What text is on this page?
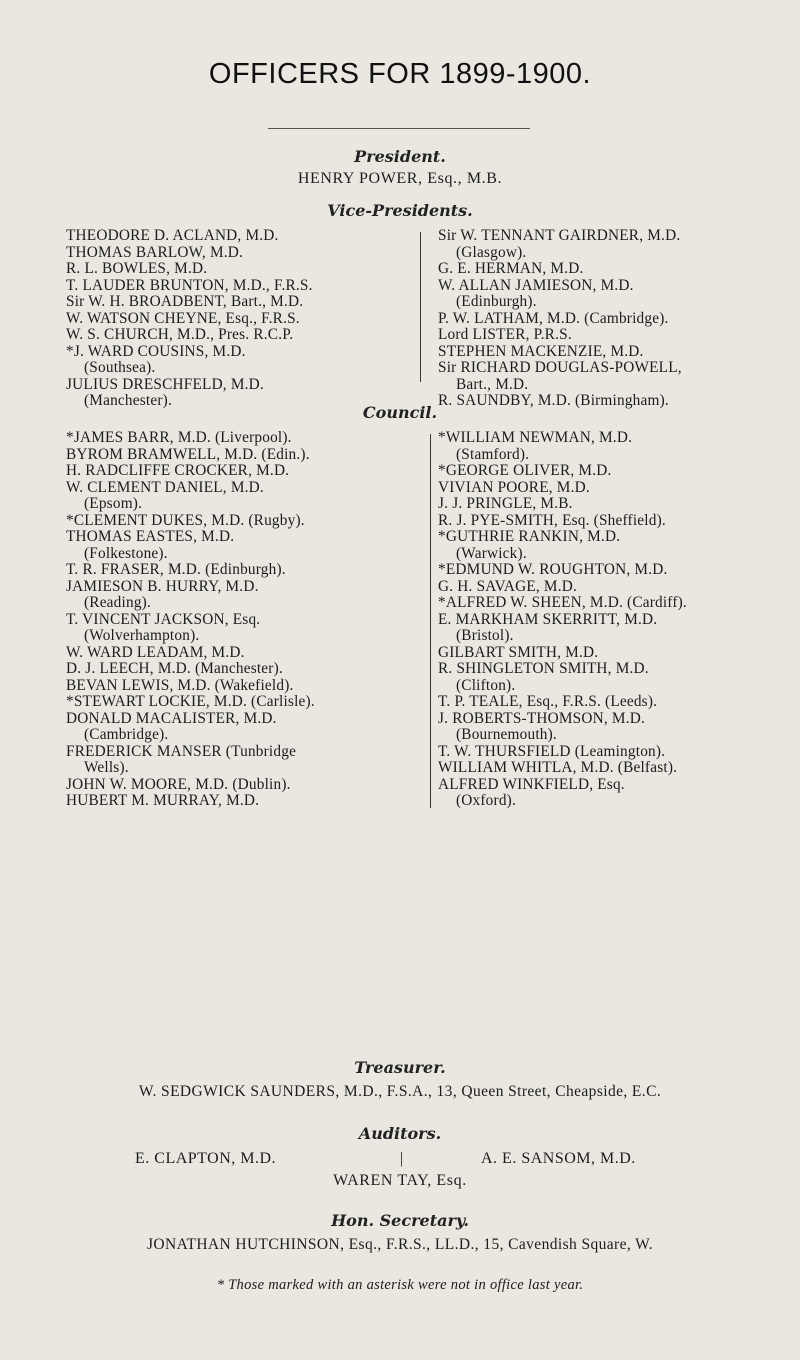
OFFICERS FOR 1899-1900.
President.
HENRY POWER, Esq., M.B.
Vice-Presidents.
THEODORE D. ACLAND, M.D.
THOMAS BARLOW, M.D.
R. L. BOWLES, M.D.
T. LAUDER BRUNTON, M.D., F.R.S.
Sir W. H. BROADBENT, Bart., M.D.
W. WATSON CHEYNE, Esq., F.R.S.
W. S. CHURCH, M.D., Pres. R.C.P.
*J. WARD COUSINS, M.D.
(Southsea).
JULIUS DRESCHFELD, M.D.
(Manchester).
Sir W. TENNANT GAIRDNER, M.D.
(Glasgow).
G. E. HERMAN, M.D.
W. ALLAN JAMIESON, M.D.
(Edinburgh).
P. W. LATHAM, M.D. (Cambridge).
Lord LISTER, P.R.S.
STEPHEN MACKENZIE, M.D.
Sir RICHARD DOUGLAS-POWELL,
Bart., M.D.
R. SAUNDBY, M.D. (Birmingham).
Council.
*JAMES BARR, M.D. (Liverpool).
BYROM BRAMWELL, M.D. (Edin.).
H. RADCLIFFE CROCKER, M.D.
W. CLEMENT DANIEL, M.D.
(Epsom).
*CLEMENT DUKES, M.D. (Rugby).
THOMAS EASTES, M.D.
(Folkestone).
T. R. FRASER, M.D. (Edinburgh).
JAMIESON B. HURRY, M.D.
(Reading).
T. VINCENT JACKSON, Esq.
(Wolverhampton).
W. WARD LEADAM, M.D.
D. J. LEECH, M.D. (Manchester).
BEVAN LEWIS, M.D. (Wakefield).
*STEWART LOCKIE, M.D. (Carlisle).
DONALD MACALISTER, M.D.
(Cambridge).
FREDERICK MANSER (Tunbridge
Wells).
JOHN W. MOORE, M.D. (Dublin).
HUBERT M. MURRAY, M.D.
*WILLIAM NEWMAN, M.D.
(Stamford).
*GEORGE OLIVER, M.D.
VIVIAN POORE, M.D.
J. J. PRINGLE, M.B.
R. J. PYE-SMITH, Esq. (Sheffield).
*GUTHRIE RANKIN, M.D.
(Warwick).
*EDMUND W. ROUGHTON, M.D.
G. H. SAVAGE, M.D.
*ALFRED W. SHEEN, M.D. (Cardiff).
E. MARKHAM SKERRITT, M.D.
(Bristol).
GILBART SMITH, M.D.
R. SHINGLETON SMITH, M.D.
(Clifton).
T. P. TEALE, Esq., F.R.S. (Leeds).
J. ROBERTS-THOMSON, M.D.
(Bournemouth).
T. W. THURSFIELD (Leamington).
WILLIAM WHITLA, M.D. (Belfast).
ALFRED WINKFIELD, Esq.
(Oxford).
Treasurer.
W. SEDGWICK SAUNDERS, M.D., F.S.A., 13, Queen Street, Cheapside, E.C.
Auditors.
E. CLAPTON, M.D.	|	A. E. SANSOM, M.D.
WAREN TAY, Esq.
Hon. Secretary.
JONATHAN HUTCHINSON, Esq., F.R.S., LL.D., 15, Cavendish Square, W.
* Those marked with an asterisk were not in office last year.
